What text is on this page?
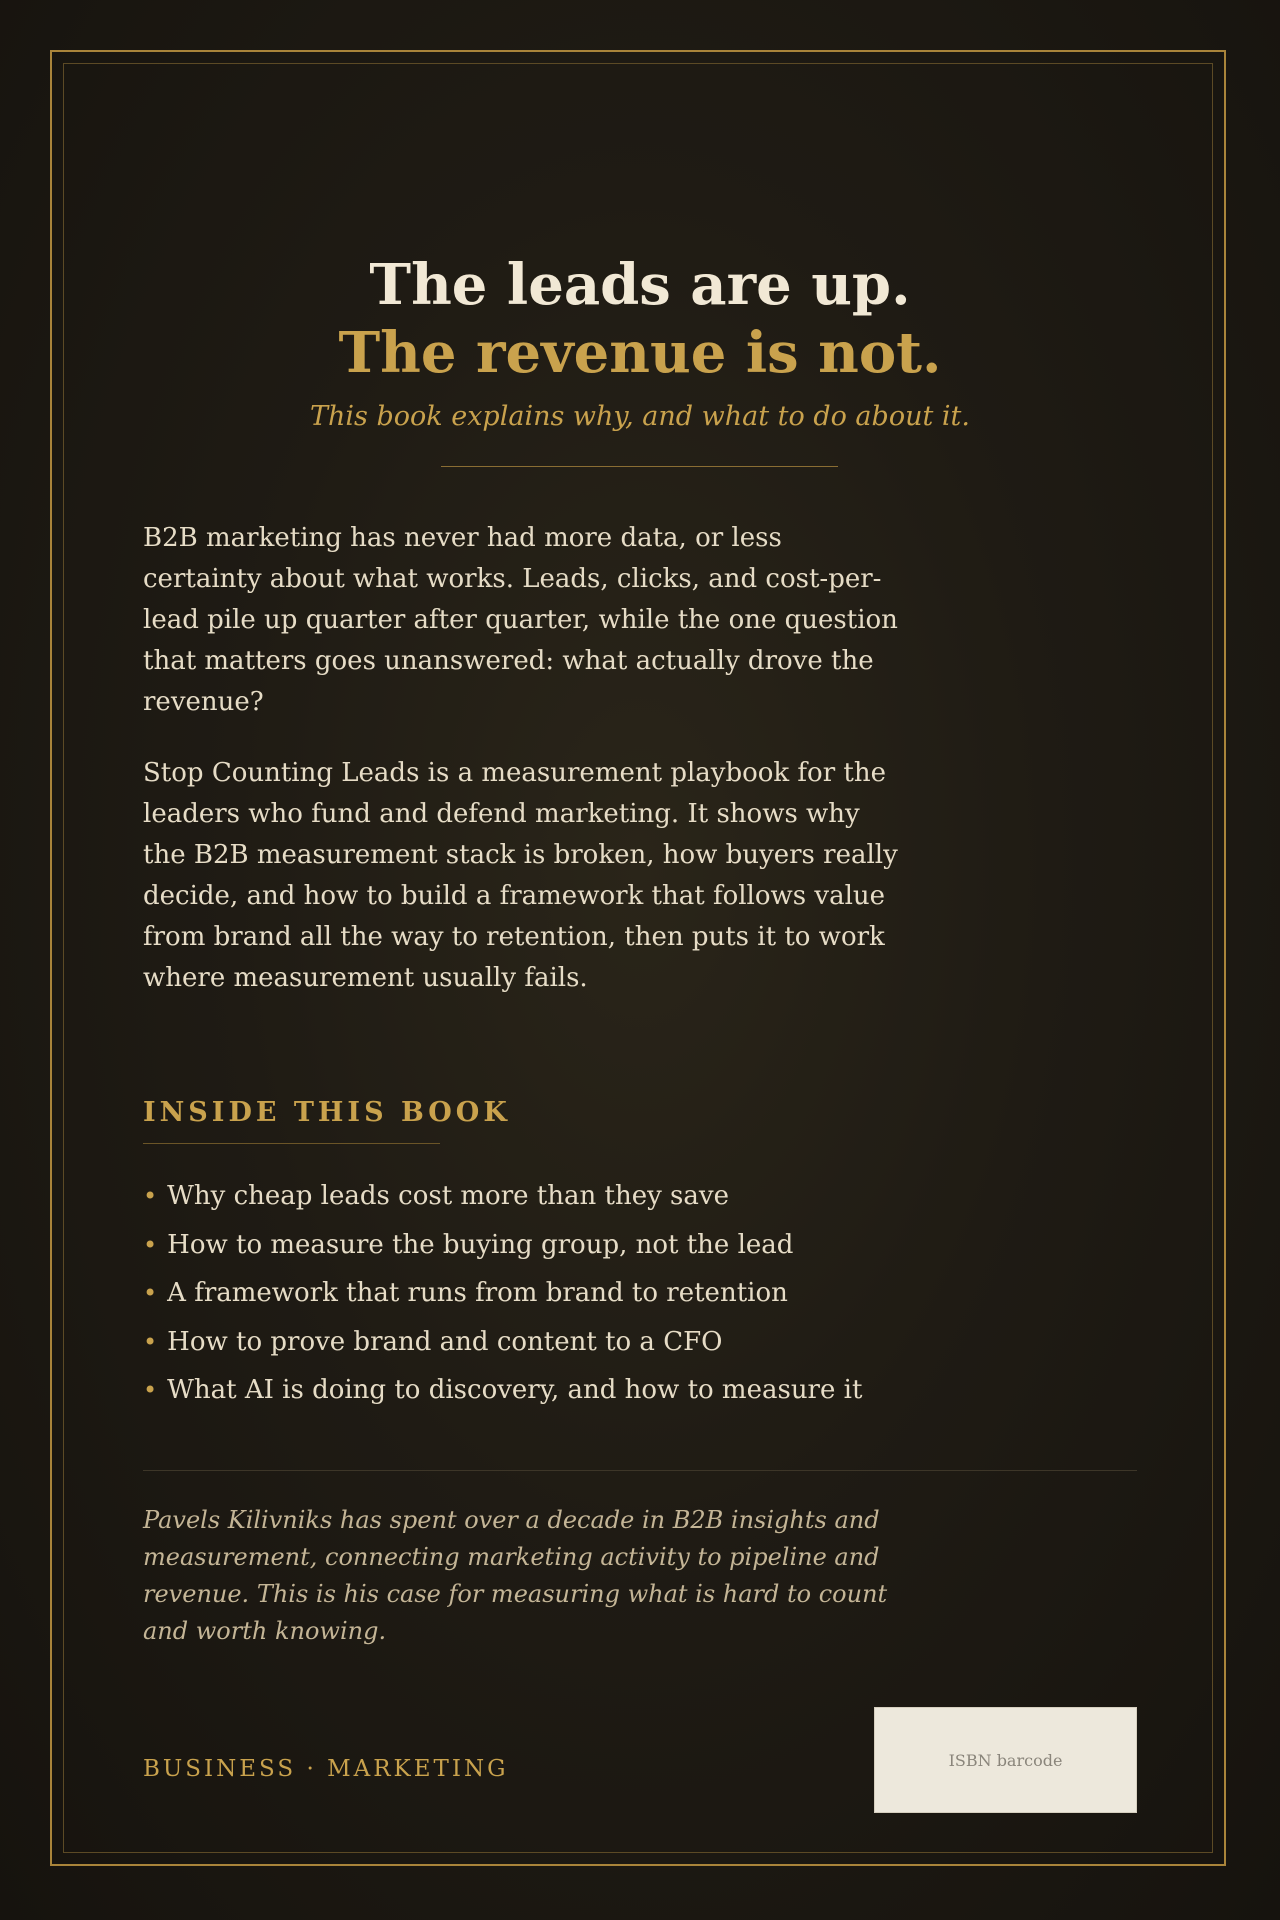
The leads are up.
The revenue is not.

This book explains why, and what to do about it.

B2B marketing has never had more data, or less certainty about what works. Leads, clicks, and cost-per-lead pile up quarter after quarter, while the one question that matters goes unanswered: what actually drove the revenue?

Stop Counting Leads is a measurement playbook for the leaders who fund and defend marketing. It shows why the B2B measurement stack is broken, how buyers really decide, and how to build a framework that follows value from brand all the way to retention, then puts it to work where measurement usually fails.

INSIDE THIS BOOK
• Why cheap leads cost more than they save
• How to measure the buying group, not the lead
• A framework that runs from brand to retention
• How to prove brand and content to a CFO
• What AI is doing to discovery, and how to measure it

Pavels Kilivniks has spent over a decade in B2B insights and measurement, connecting marketing activity to pipeline and revenue. This is his case for measuring what is hard to count and worth knowing.

BUSINESS · MARKETING	ISBN barcode
